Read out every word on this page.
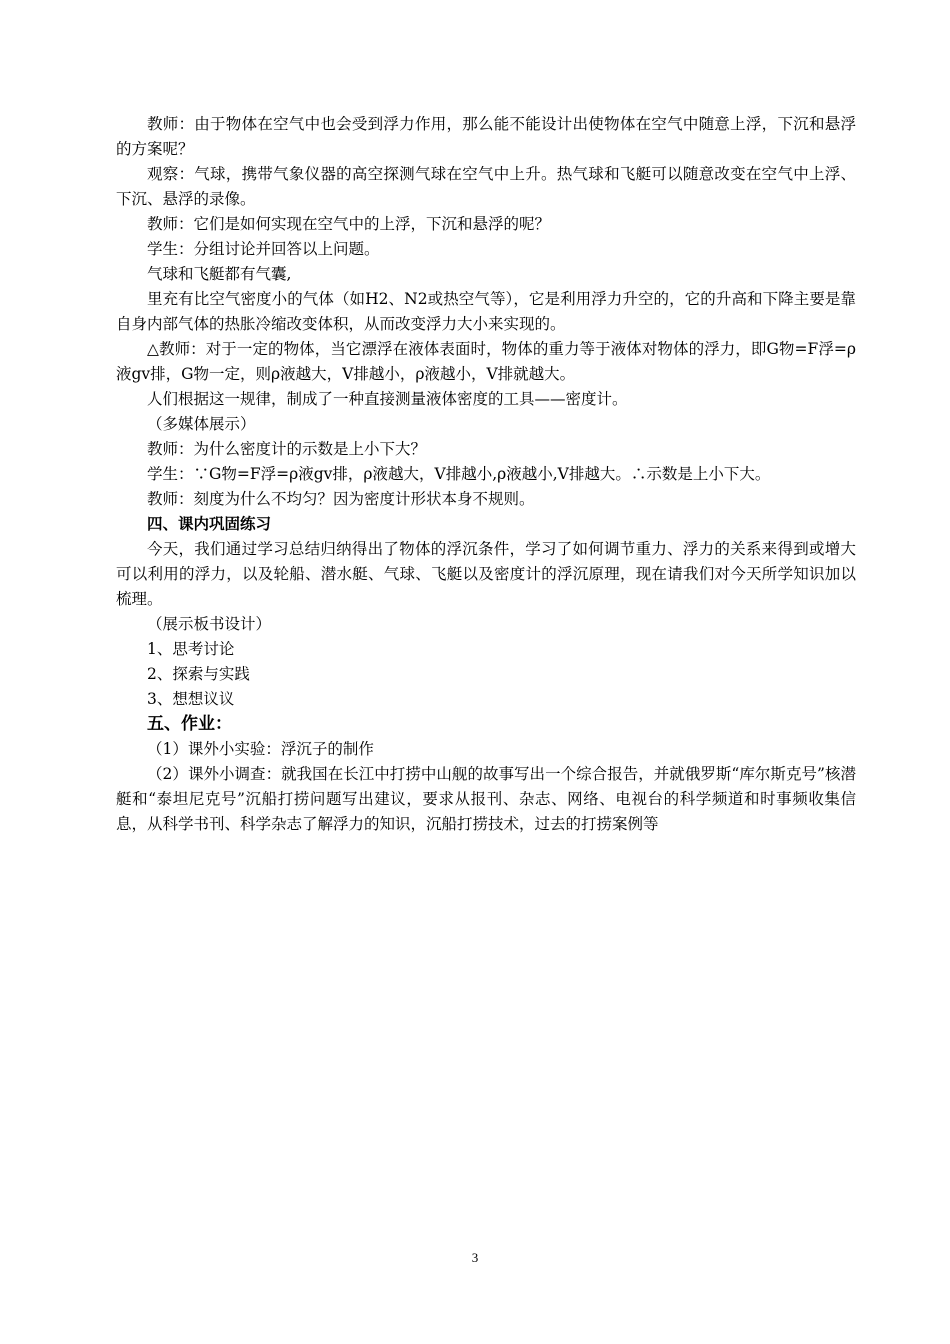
教师：由于物体在空气中也会受到浮力作用，那么能不能设计出使物体在空气中随意上浮，下沉和悬浮的方案呢？

观察：气球，携带气象仪器的高空探测气球在空气中上升。热气球和飞艇可以随意改变在空气中上浮、下沉、悬浮的录像。

教师：它们是如何实现在空气中的上浮，下沉和悬浮的呢？

学生：分组讨论并回答以上问题。

气球和飞艇都有气囊,

里充有比空气密度小的气体（如H2、N2或热空气等），它是利用浮力升空的，它的升高和下降主要是靠自身内部气体的热胀冷缩改变体积，从而改变浮力大小来实现的。

△教师：对于一定的物体，当它漂浮在液体表面时，物体的重力等于液体对物体的浮力，即G物=F浮=ρ液gv排，G物一定，则ρ液越大，V排越小，ρ液越小，V排就越大。

人们根据这一规律，制成了一种直接测量液体密度的工具——密度计。

（多媒体展示）

教师：为什么密度计的示数是上小下大？

学生：∵G物=F浮=ρ液gv排，ρ液越大，V排越小,ρ液越小,V排越大。∴示数是上小下大。

教师：刻度为什么不均匀？因为密度计形状本身不规则。

四、课内巩固练习

今天，我们通过学习总结归纳得出了物体的浮沉条件，学习了如何调节重力、浮力的关系来得到或增大可以利用的浮力，以及轮船、潜水艇、气球、飞艇以及密度计的浮沉原理，现在请我们对今天所学知识加以梳理。

（展示板书设计）

1、思考讨论

2、探索与实践

3、想想议议

五、作业：

（1）课外小实验：浮沉子的制作

（2）课外小调查：就我国在长江中打捞中山舰的故事写出一个综合报告，并就俄罗斯“库尔斯克号”核潜艇和“泰坦尼克号”沉船打捞问题写出建议，要求从报刊、杂志、网络、电视台的科学频道和时事频收集信息，从科学书刊、科学杂志了解浮力的知识，沉船打捞技术，过去的打捞案例等

3
